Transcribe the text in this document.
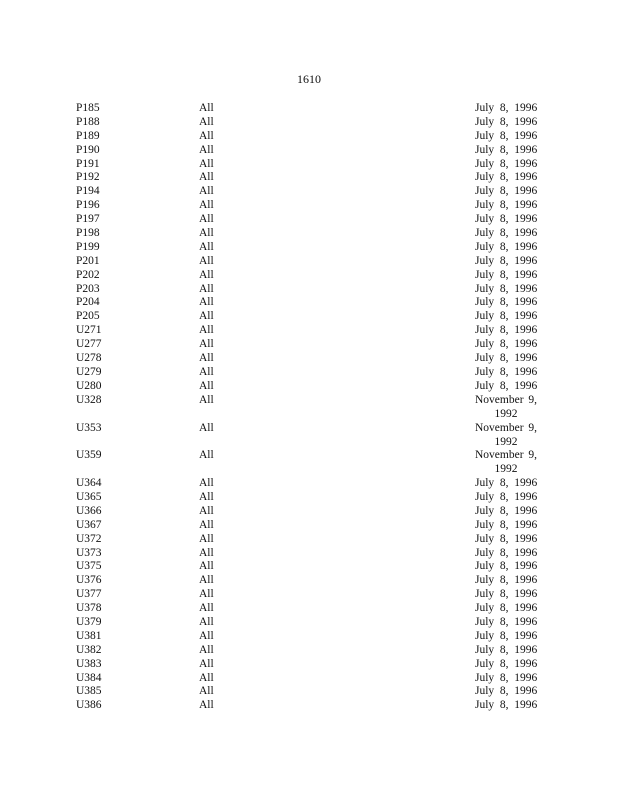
1610
P185	All	July  8,  1996
P188	All	July  8,  1996
P189	All	July  8,  1996
P190	All	July  8,  1996
P191	All	July  8,  1996
P192	All	July  8,  1996
P194	All	July  8,  1996
P196	All	July  8,  1996
P197	All	July  8,  1996
P198	All	July  8,  1996
P199	All	July  8,  1996
P201	All	July  8,  1996
P202	All	July  8,  1996
P203	All	July  8,  1996
P204	All	July  8,  1996
P205	All	July  8,  1996
U271	All	July  8,  1996
U277	All	July  8,  1996
U278	All	July  8,  1996
U279	All	July  8,  1996
U280	All	July  8,  1996
U328	All	November 9,
1992
U353	All	November 9,
1992
U359	All	November 9,
1992
U364	All	July  8,  1996
U365	All	July  8,  1996
U366	All	July  8,  1996
U367	All	July  8,  1996
U372	All	July  8,  1996
U373	All	July  8,  1996
U375	All	July  8,  1996
U376	All	July  8,  1996
U377	All	July  8,  1996
U378	All	July  8,  1996
U379	All	July  8,  1996
U381	All	July  8,  1996
U382	All	July  8,  1996
U383	All	July  8,  1996
U384	All	July  8,  1996
U385	All	July  8,  1996
U386	All	July  8,  1996
